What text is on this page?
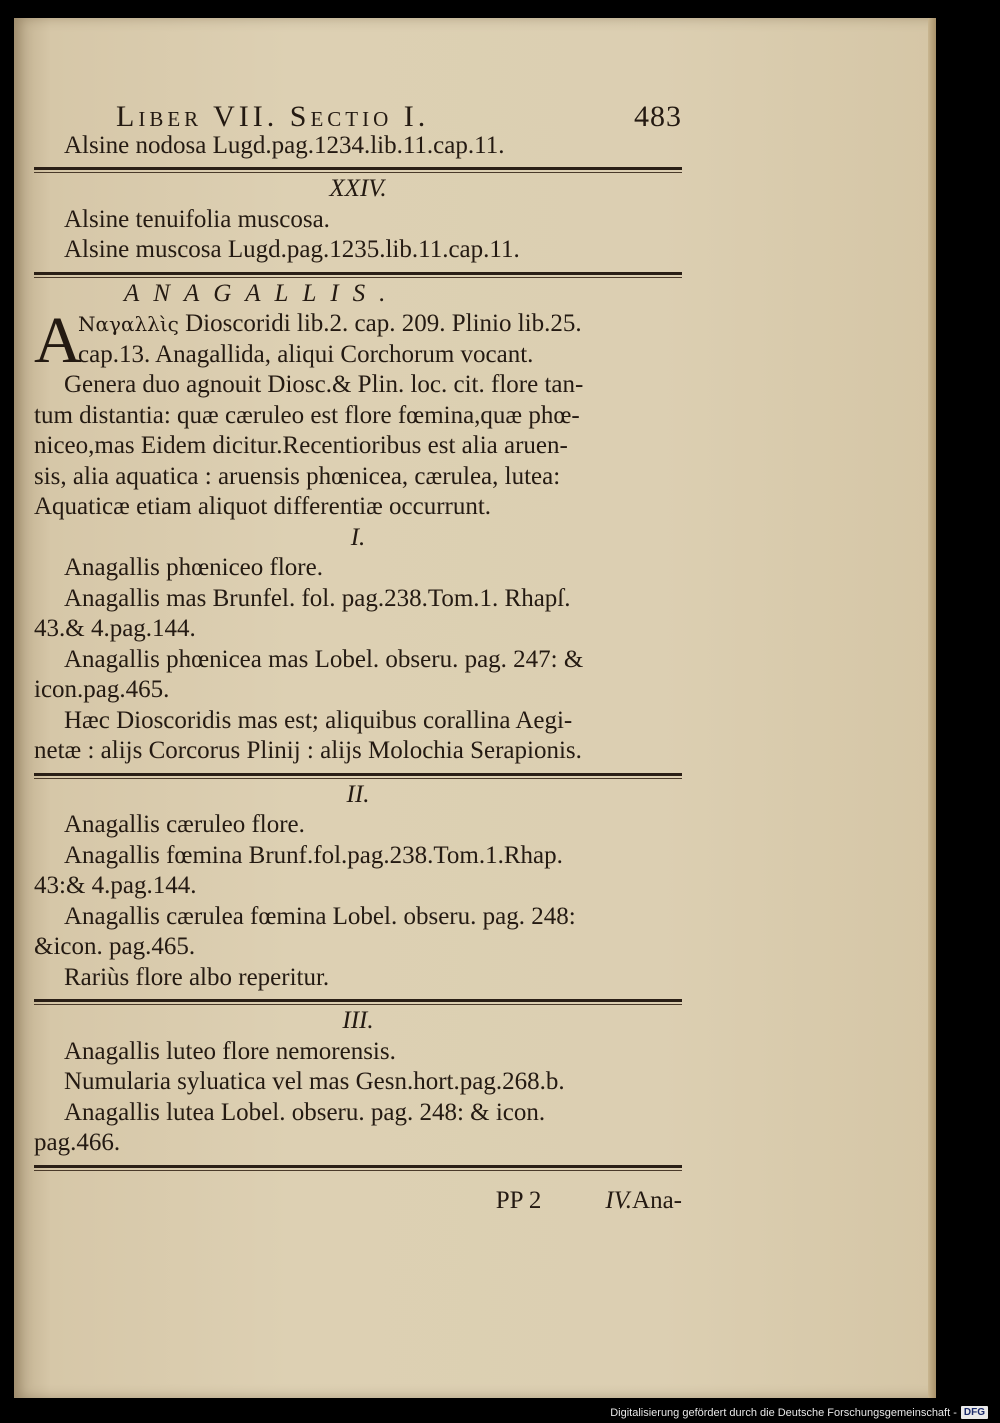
Liber VII. Sectio I.	483
Alsine nodosa Lugd.pag.1234.lib.11.cap.11.
XXIV.
Alsine tenuifolia muscosa.
Alsine muscosa Lugd.pag.1235.lib.11.cap.11.
ANAGALLIS.
A
Ναγαλλὶς Dioscoridi lib.2. cap. 209. Plinio lib.25.
cap.13. Anagallida, aliqui Corchorum vocant.
Genera duo agnouit Diosc.& Plin. loc. cit. flore tan-
tum distantia: quæ cæruleo est flore fœmina,quæ phœ-
niceo,mas Eidem dicitur.Recentioribus est alia aruen-
sis, alia aquatica : aruensis phœnicea, cærulea, lutea:
Aquaticæ etiam aliquot differentiæ occurrunt.
I.
Anagallis phœniceo flore.
Anagallis mas Brunfel. fol. pag.238.Tom.1. Rhapſ.
43.& 4.pag.144.
Anagallis phœnicea mas Lobel. obseru. pag. 247: &
icon.pag.465.
Hæc Dioscoridis mas est; aliquibus corallina Aegi-
netæ : alijs Corcorus Plinij : alijs Molochia Serapionis.
II.
Anagallis cæruleo flore.
Anagallis fœmina Brunf.fol.pag.238.Tom.1.Rhap.
43:& 4.pag.144.
Anagallis cærulea fœmina Lobel. obseru. pag. 248:
&icon. pag.465.
Rariùs flore albo reperitur.
III.
Anagallis luteo flore nemorensis.
Numularia syluatica vel mas Gesn.hort.pag.268.b.
Anagallis lutea Lobel. obseru. pag. 248: & icon.
pag.466.
PP 2	IV.Ana-
Digitalisierung gefördert durch die Deutsche Forschungsgemeinschaft - DFG
